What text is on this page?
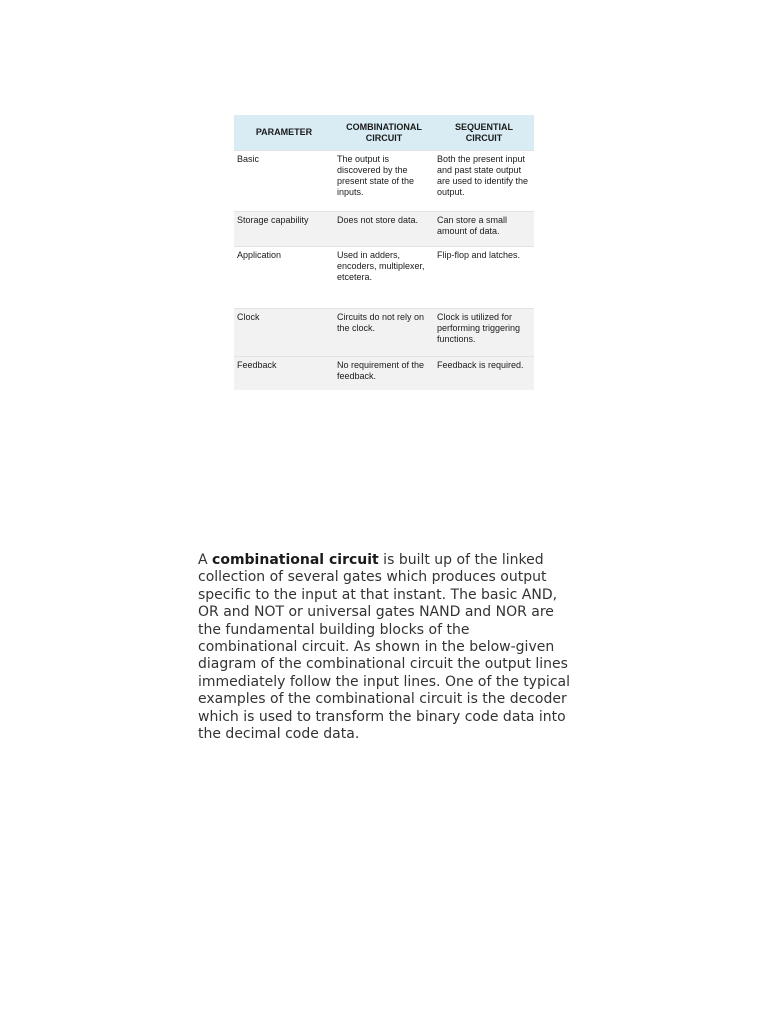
PARAMETER	COMBINATIONAL CIRCUIT	SEQUENTIAL CIRCUIT
Basic	The output is discovered by the present state of the inputs.	Both the present input and past state output are used to identify the output.
Storage capability	Does not store data.	Can store a small amount of data.
Application	Used in adders, encoders, multiplexer, etcetera.	Flip-flop and latches.
Clock	Circuits do not rely on the clock.	Clock is utilized for performing triggering functions.
Feedback	No requirement of the feedback.	Feedback is required.

A combinational circuit is built up of the linked collection of several gates which produces output specific to the input at that instant. The basic AND, OR and NOT or universal gates NAND and NOR are the fundamental building blocks of the combinational circuit. As shown in the below-given diagram of the combinational circuit the output lines immediately follow the input lines. One of the typical examples of the combinational circuit is the decoder which is used to transform the binary code data into the decimal code data.
